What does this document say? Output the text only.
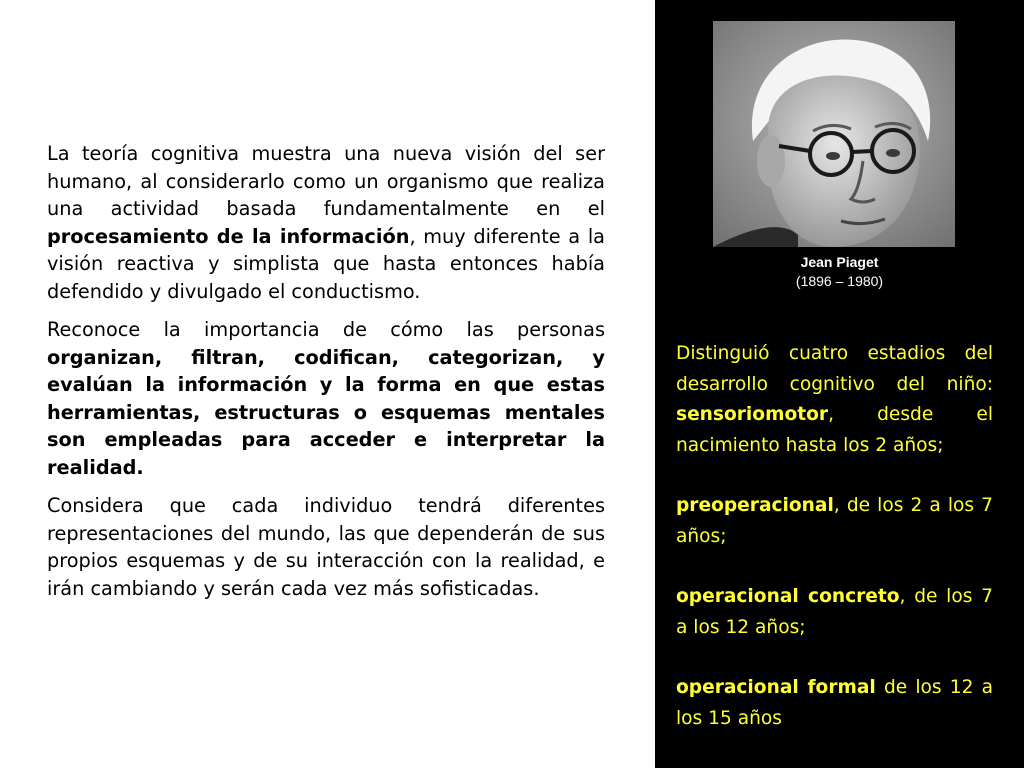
La teoría cognitiva muestra una nueva visión del ser humano, al considerarlo como un organismo que realiza una actividad basada fundamentalmente en el procesamiento de la información, muy diferente a la visión reactiva y simplista que hasta entonces había defendido y divulgado el conductismo.

Reconoce la importancia de cómo las personas organizan, filtran, codifican, categorizan, y evalúan la información y la forma en que estas herramientas, estructuras o esquemas mentales son empleadas para acceder e interpretar la realidad.

Considera que cada individuo tendrá diferentes representaciones del mundo, las que dependerán de sus propios esquemas y de su interacción con la realidad, e irán cambiando y serán cada vez más sofisticadas.

Jean Piaget
(1896 – 1980)

Distinguió cuatro estadios del desarrollo cognitivo del niño: sensoriomotor, desde el nacimiento hasta los 2 años;

preoperacional, de los 2 a los 7 años;

operacional concreto, de los 7 a los 12 años;

operacional formal de los 12 a los 15 años
